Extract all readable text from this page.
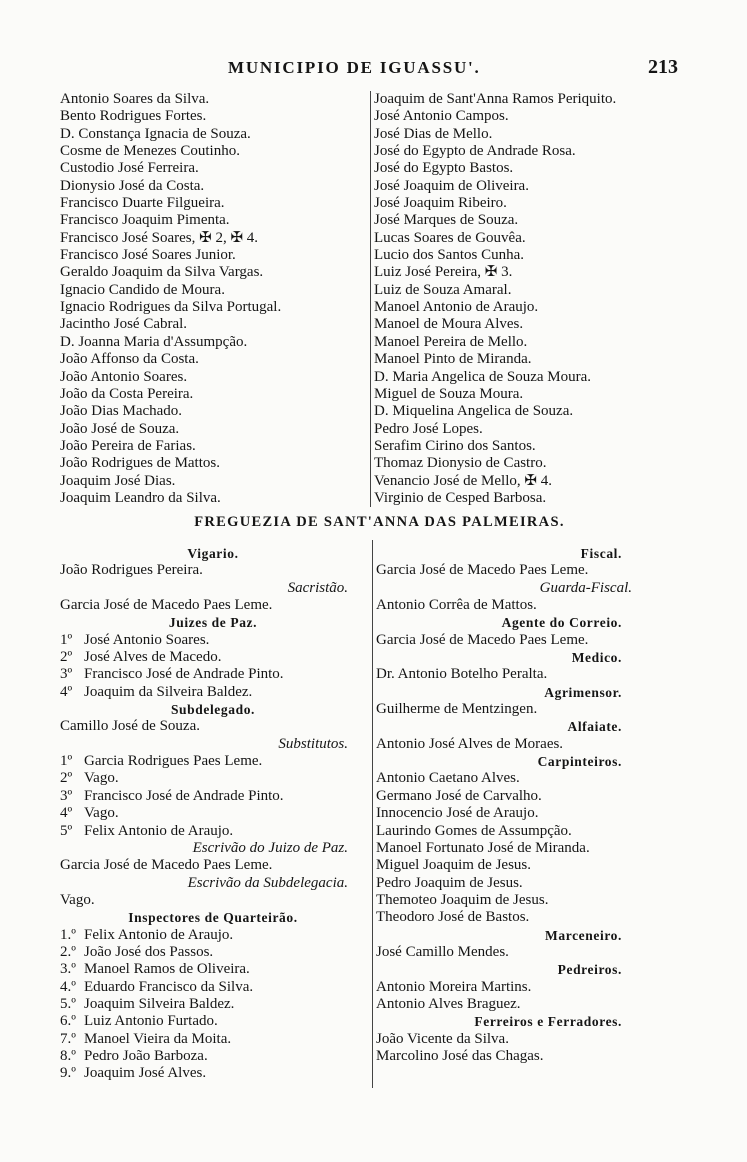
MUNICIPIO DE IGUASSU'.	213
Antonio Soares da Silva.
Bento Rodrigues Fortes.
D. Constança Ignacia de Souza.
Cosme de Menezes Coutinho.
Custodio José Ferreira.
Dionysio José da Costa.
Francisco Duarte Filgueira.
Francisco Joaquim Pimenta.
Francisco José Soares, ✠ 2, ✠ 4.
Francisco José Soares Junior.
Geraldo Joaquim da Silva Vargas.
Ignacio Candido de Moura.
Ignacio Rodrigues da Silva Portugal.
Jacintho José Cabral.
D. Joanna Maria d'Assumpção.
João Affonso da Costa.
João Antonio Soares.
João da Costa Pereira.
João Dias Machado.
João José de Souza.
João Pereira de Farias.
João Rodrigues de Mattos.
Joaquim José Dias.
Joaquim Leandro da Silva.
Joaquim de Sant'Anna Ramos Periquito.
José Antonio Campos.
José Dias de Mello.
José do Egypto de Andrade Rosa.
José do Egypto Bastos.
José Joaquim de Oliveira.
José Joaquim Ribeiro.
José Marques de Souza.
Lucas Soares de Gouvêa.
Lucio dos Santos Cunha.
Luiz José Pereira, ✠ 3.
Luiz de Souza Amaral.
Manoel Antonio de Araujo.
Manoel de Moura Alves.
Manoel Pereira de Mello.
Manoel Pinto de Miranda.
D. Maria Angelica de Souza Moura.
Miguel de Souza Moura.
D. Miquelina Angelica de Souza.
Pedro José Lopes.
Serafim Cirino dos Santos.
Thomaz Dionysio de Castro.
Venancio José de Mello, ✠ 4.
Virginio de Cesped Barbosa.
FREGUEZIA DE SANT'ANNA DAS PALMEIRAS.
Vigario.
João Rodrigues Pereira.
Sacristão.
Garcia José de Macedo Paes Leme.
Juizes de Paz.
1º José Antonio Soares.
2º José Alves de Macedo.
3º Francisco José de Andrade Pinto.
4º Joaquim da Silveira Baldez.
Subdelegado.
Camillo José de Souza.
Substitutos.
1º Garcia Rodrigues Paes Leme.
2º Vago.
3º Francisco José de Andrade Pinto.
4º Vago.
5º Felix Antonio de Araujo.
Escrivão do Juizo de Paz.
Garcia José de Macedo Paes Leme.
Escrivão da Subdelegacia.
Vago.
Inspectores de Quarteirão.
1.º Felix Antonio de Araujo.
2.º João José dos Passos.
3.º Manoel Ramos de Oliveira.
4.º Eduardo Francisco da Silva.
5.º Joaquim Silveira Baldez.
6.º Luiz Antonio Furtado.
7.º Manoel Vieira da Moita.
8.º Pedro João Barboza.
9.º Joaquim José Alves.
Fiscal.
Garcia José de Macedo Paes Leme.
Guarda-Fiscal.
Antonio Corrêa de Mattos.
Agente do Correio.
Garcia José de Macedo Paes Leme.
Medico.
Dr. Antonio Botelho Peralta.
Agrimensor.
Guilherme de Mentzingen.
Alfaiate.
Antonio José Alves de Moraes.
Carpinteiros.
Antonio Caetano Alves.
Germano José de Carvalho.
Innocencio José de Araujo.
Laurindo Gomes de Assumpção.
Manoel Fortunato José de Miranda.
Miguel Joaquim de Jesus.
Pedro Joaquim de Jesus.
Themoteo Joaquim de Jesus.
Theodoro José de Bastos.
Marceneiro.
José Camillo Mendes.
Pedreiros.
Antonio Moreira Martins.
Antonio Alves Braguez.
Ferreiros e Ferradores.
João Vicente da Silva.
Marcolino José das Chagas.
